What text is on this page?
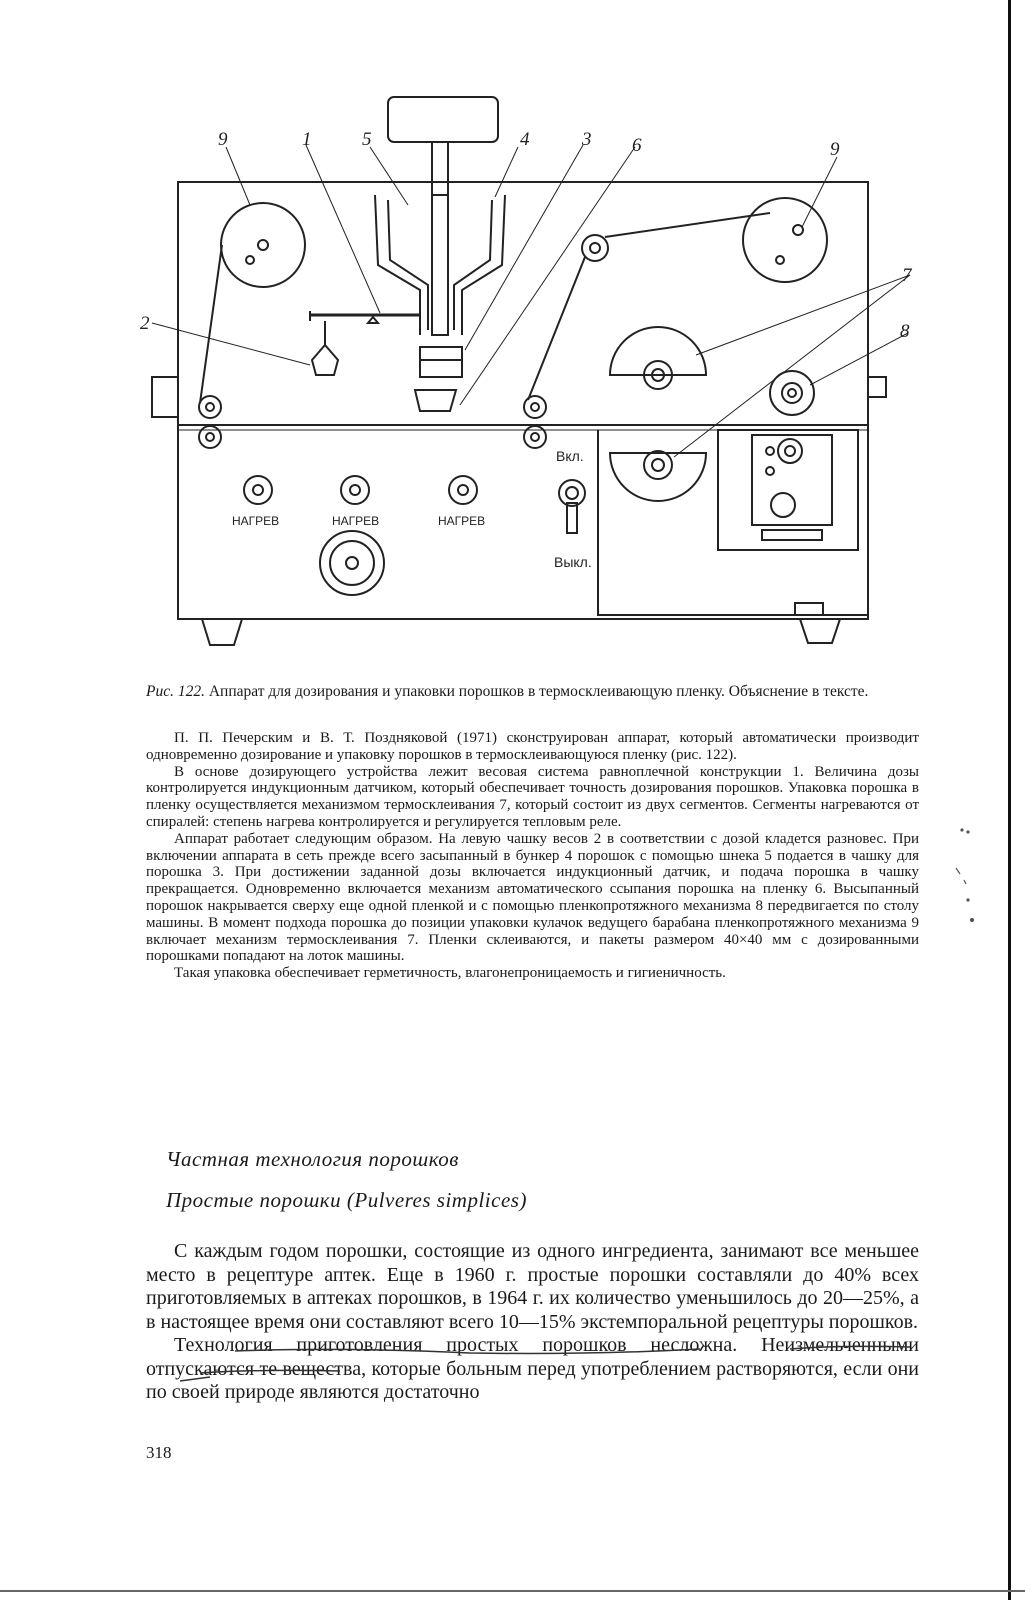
9	1	5	4	3 6	9
2
7
8
НАГРЕВ	НАГРЕВ	НАГРЕВ
Вкл.
Выкл.
Рис. 122. Аппарат для дозирования и упаковки порошков в термосклеивающую пленку. Объяснение в тексте.

П. П. Печерским и В. Т. Поздняковой (1971) сконструирован аппарат, который автоматически производит одновременно дозирование и упаковку порошков в термосклеивающуюся пленку (рис. 122).

В основе дозирующего устройства лежит весовая система равноплечной конструкции 1. Величина дозы контролируется индукционным датчиком, который обеспечивает точность дозирования порошков. Упаковка порошка в пленку осуществляется механизмом термосклеивания 7, который состоит из двух сегментов. Сегменты нагреваются от спиралей: степень нагрева контролируется и регулируется тепловым реле.

Аппарат работает следующим образом. На левую чашку весов 2 в соответствии с дозой кладется разновес. При включении аппарата в сеть прежде всего засыпанный в бункер 4 порошок с помощью шнека 5 подается в чашку для порошка 3. При достижении заданной дозы включается индукционный датчик, и подача порошка в чашку прекращается. Одновременно включается механизм автоматического ссыпания порошка на пленку 6. Высыпанный порошок накрывается сверху еще одной пленкой и с помощью пленкопротяжного механизма 8 передвигается по столу машины. В момент подхода порошка до позиции упаковки кулачок ведущего барабана пленкопротяжного механизма 9 включает механизм термосклеивания 7. Пленки склеиваются, и пакеты размером 40×40 мм с дозированными порошками попадают на лоток машины.

Такая упаковка обеспечивает герметичность, влагонепроницаемость и гигиеничность.

Частная технология порошков
Простые порошки (Pulveres simplices)

С каждым годом порошки, состоящие из одного ингредиента, занимают все меньшее место в рецептуре аптек. Еще в 1960 г. простые порошки составляли до 40% всех приготовляемых в аптеках порошков, в 1964 г. их количество уменьшилось до 20—25%, а в настоящее время они составляют всего 10—15% экстемпоральной рецептуры порошков.

Технология приготовления простых порошков несложна. Неизмельченными отпускаются те вещества, которые больным перед употреблением растворяются, если они по своей природе являются достаточно

318
